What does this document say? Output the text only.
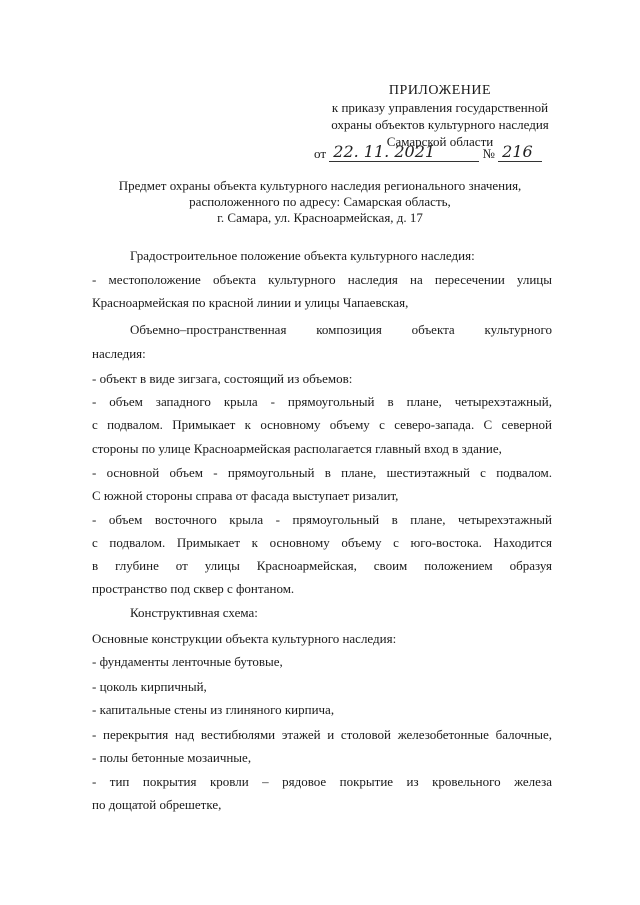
ПРИЛОЖЕНИЕ
к приказу управления государственной
охраны объектов культурного наследия
Самарской области
от 22. 11. 2021	№ 216
Предмет охраны объекта культурного наследия регионального значения,
расположенного по адресу: Самарская область,
г. Самара, ул. Красноармейская, д. 17

Градостроительное положение объекта культурного наследия:

- местоположение объекта культурного наследия на пересечении улицы

Красноармейская по красной линии и улицы Чапаевская,

Объемно–пространственная композиция объекта культурного

наследия:

- объект в виде зигзага, состоящий из объемов:

- объем западного крыла - прямоугольный в плане, четырехэтажный,

с подвалом. Примыкает к основному объему с северо-запада. С северной

стороны по улице Красноармейская располагается главный вход в здание,

- основной объем - прямоугольный в плане, шестиэтажный с подвалом.

С южной стороны справа от фасада выступает ризалит,

- объем восточного крыла - прямоугольный в плане, четырехэтажный

с подвалом. Примыкает к основному объему с юго-востока. Находится

в глубине от улицы Красноармейская, своим положением образуя

пространство под сквер с фонтаном.

Конструктивная схема:

Основные конструкции объекта культурного наследия:

- фундаменты ленточные бутовые,

- цоколь кирпичный,

- капитальные стены из глиняного кирпича,

- перекрытия над вестибюлями этажей и столовой железобетонные балочные,

- полы бетонные мозаичные,

- тип покрытия кровли – рядовое покрытие из кровельного железа

по дощатой обрешетке,
